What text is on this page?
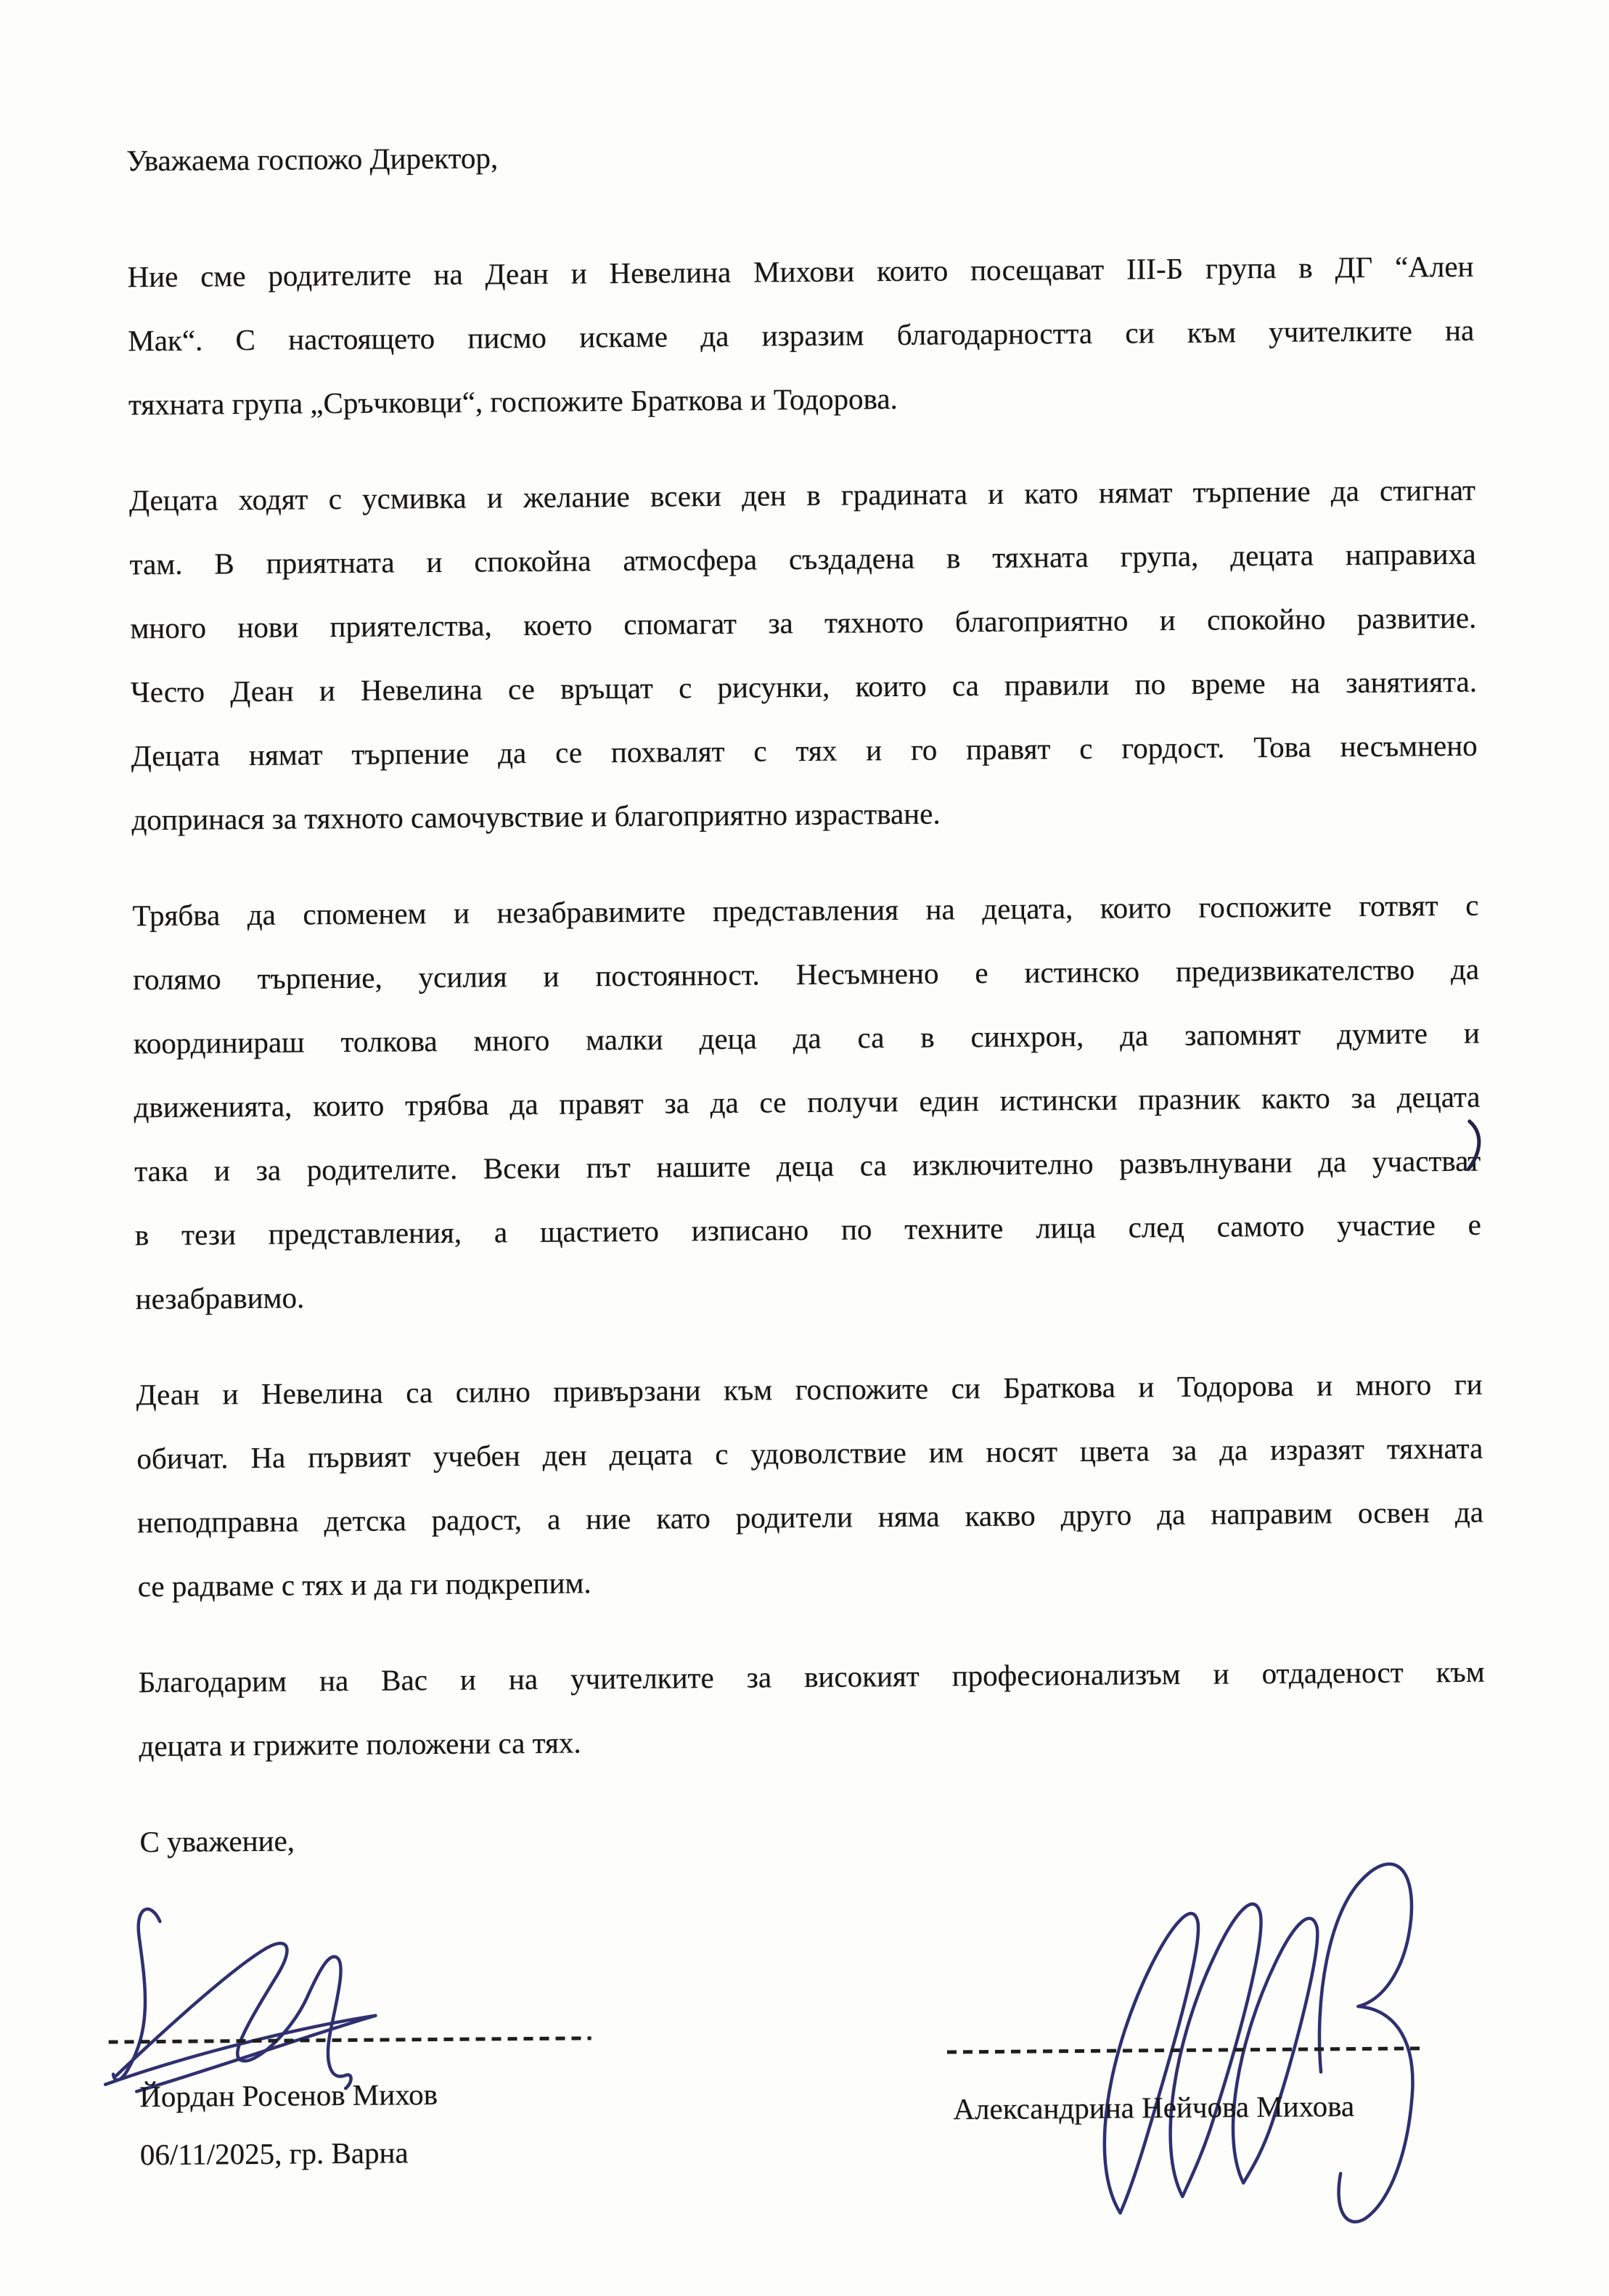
Уважаема госпожо Директор,

Ние сме родителите на Деан и Невелина Михови които посещават III-Б група в ДГ “Ален
Мак“. С настоящето писмо искаме да изразим благодарността си към учителките на
тяхната група „Сръчковци“, госпожите Браткова и Тодорова.
Децата ходят с усмивка и желание всеки ден в градината и като нямат търпение да стигнат
там. В приятната и спокойна атмосфера създадена в тяхната група, децата направиха
много нови приятелства, което спомагат за тяхното благоприятно и спокойно развитие.
Често Деан и Невелина се връщат с рисунки, които са правили по време на занятията.
Децата нямат търпение да се похвалят с тях и го правят с гордост. Това несъмнено
допринася за тяхното самочувствие и благоприятно израстване.
Трябва да споменем и незабравимите представления на децата, които госпожите готвят с
голямо търпение, усилия и постоянност. Несъмнено е истинско предизвикателство да
координираш толкова много малки деца да са в синхрон, да запомнят думите и
движенията, които трябва да правят за да се получи един истински празник както за децата
така и за родителите. Всеки път нашите деца са изключително развълнувани да участват
в тези представления, а щастието изписано по техните лица след самото участие е
незабравимо.
Деан и Невелина са силно привързани към госпожите си Браткова и Тодорова и много ги
обичат. На първият учебен ден децата с удоволствие им носят цвета за да изразят тяхната
неподправна детска радост, а ние като родители няма какво друго да направим освен да
се радваме с тях и да ги подкрепим.
Благодарим на Вас и на учителките за високият професионализъм и отдаденост към
децата и грижите положени са тях.

С уважение,

Йордан Росенов Михов
06/11/2025, гр. Варна
Александрина Нейчова Михова
